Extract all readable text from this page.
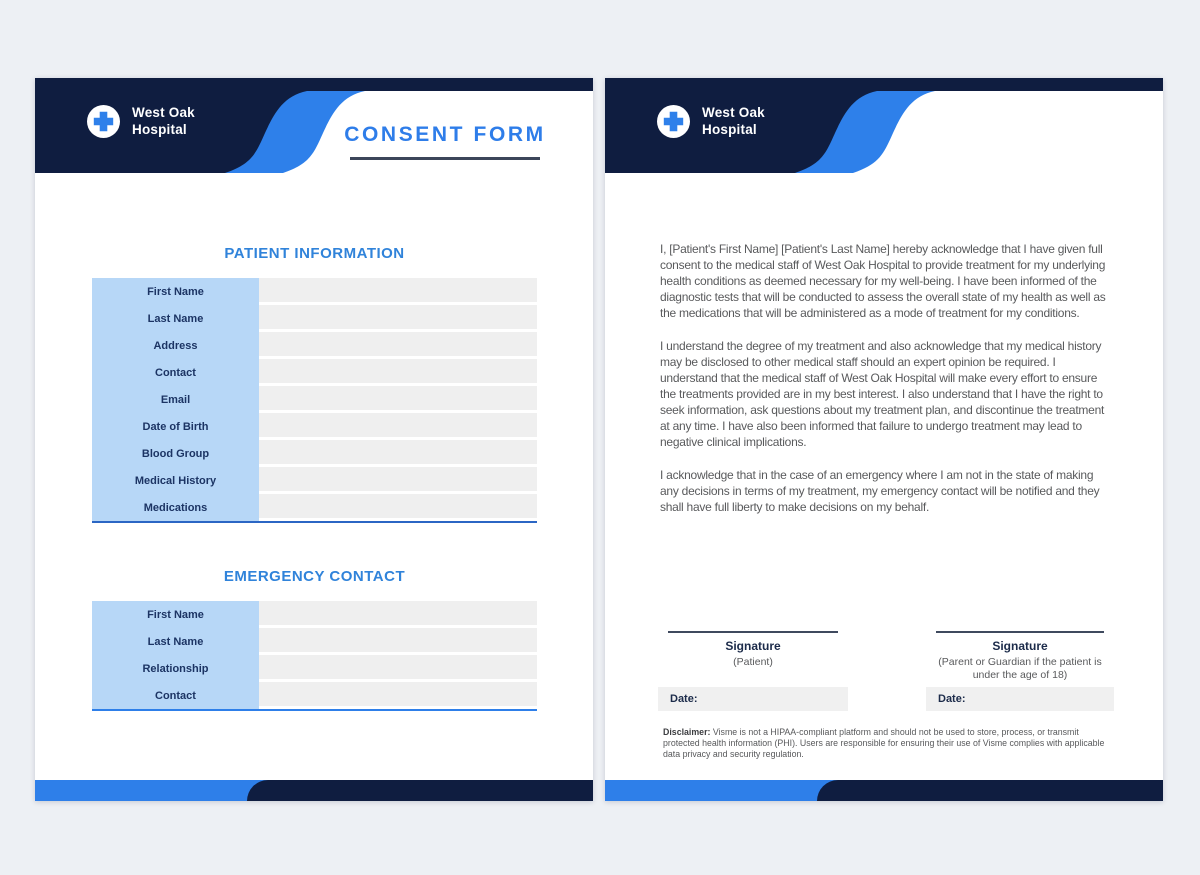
West Oak
Hospital	CONSENT FORM
PATIENT INFORMATION
First Name
Last Name
Address
Contact
Email
Date of Birth
Blood Group
Medical History
Medications
EMERGENCY CONTACT
First Name
Last Name
Relationship
Contact
West Oak
Hospital

I, [Patient's First Name] [Patient's Last Name] hereby acknowledge that I have given full consent to the medical staff of West Oak Hospital to provide treatment for my underlying health conditions as deemed necessary for my well-being. I have been informed of the diagnostic tests that will be conducted to assess the overall state of my health as well as the medications that will be administered as a mode of treatment for my conditions.

I understand the degree of my treatment and also acknowledge that my medical history may be disclosed to other medical staff should an expert opinion be required. I understand that the medical staff of West Oak Hospital will make every effort to ensure the treatments provided are in my best interest. I also understand that I have the right to seek information, ask questions about my treatment plan, and discontinue the treatment at any time. I have also been informed that failure to undergo treatment may lead to negative clinical implications.

I acknowledge that in the case of an emergency where I am not in the state of making any decisions in terms of my treatment, my emergency contact will be notified and they shall have full liberty to make decisions on my behalf.

Signature
(Patient)
Date:
Signature
(Parent or Guardian if the patient is under the age of 18)
Date:
Disclaimer: Visme is not a HIPAA-compliant platform and should not be used to store, process, or transmit protected health information (PHI). Users are responsible for ensuring their use of Visme complies with applicable data privacy and security regulation.
